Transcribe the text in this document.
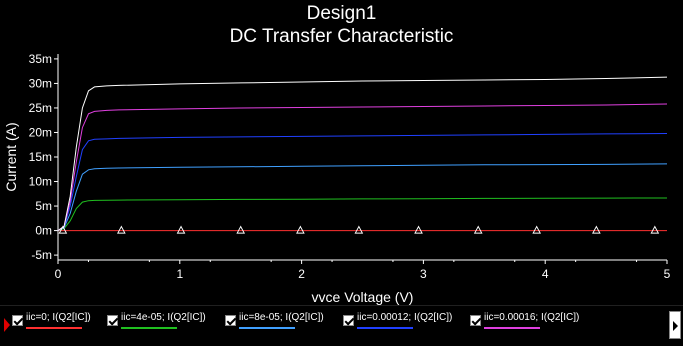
Design1
DC Transfer Characteristic
-5m
0m
5m
10m
15m
20m
25m
30m
35m
0	1	2	3	4	5
vvce Voltage (V)
Current (A)
iic=0; I(Q2[IC])	iic=4e-05; I(Q2[IC])	iic=8e-05; I(Q2[IC])	iic=0.00012; I(Q2[IC])	iic=0.00016; I(Q2[IC])
